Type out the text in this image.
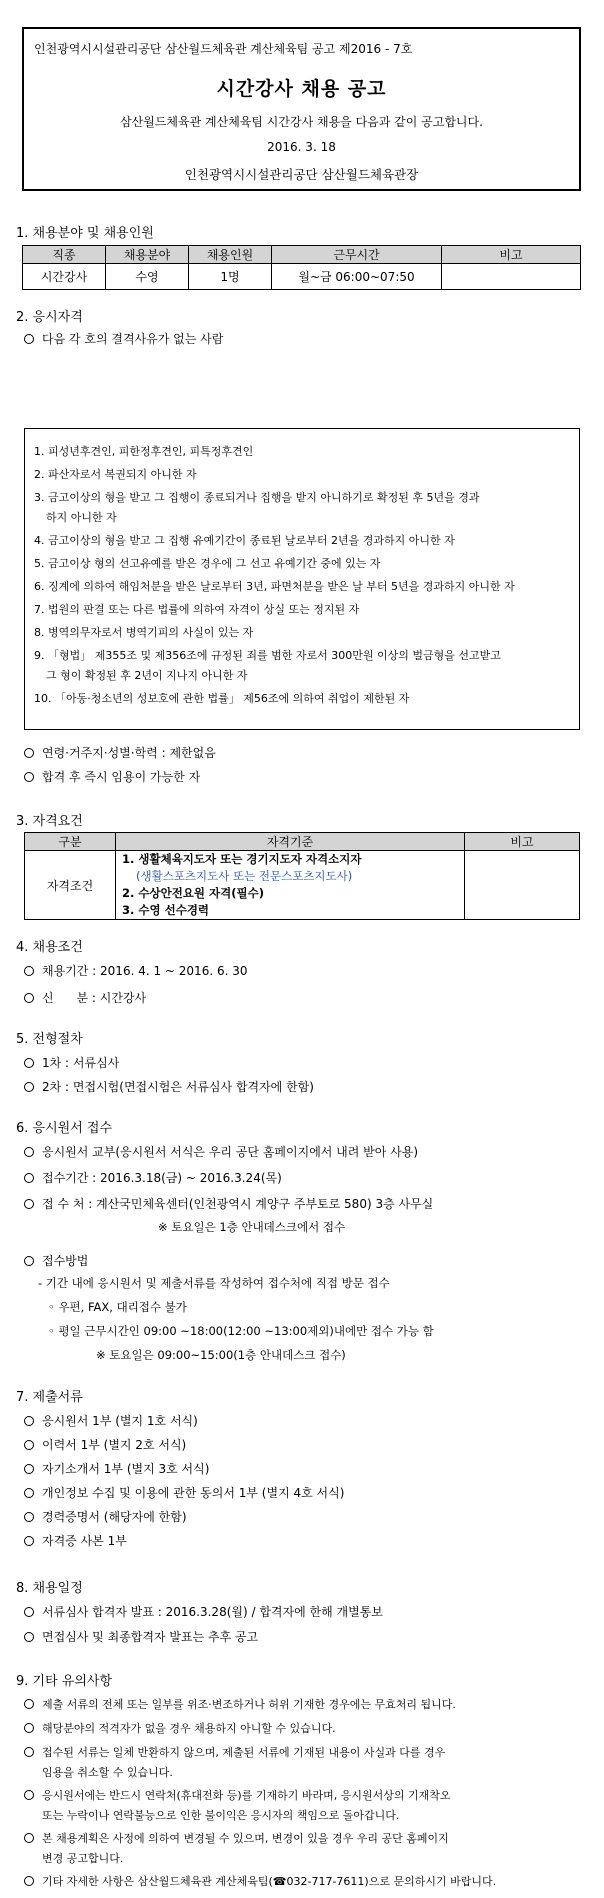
인천광역시시설관리공단 삼산월드체육관 계산체육팀 공고 제2016 - 7호
시간강사 채용 공고
삼산월드체육관 계산체육팀 시간강사 채용을 다음과 같이 공고합니다.
2016. 3. 18
인천광역시시설관리공단 삼산월드체육관장
1. 채용분야 및 채용인원
직종	채용분야	채용인원	근무시간	비고
시간강사	수영	1명	월~금 06:00~07:50	
2. 응시자격
다음 각 호의 결격사유가 없는 사람
1. 피성년후견인, 피한정후견인, 피특정후견인
2. 파산자로서 복권되지 아니한 자
3. 금고이상의 형을 받고 그 집행이 종료되거나 집행을 받지 아니하기로 확정된 후 5년을 경과
하지 아니한 자
4. 금고이상의 형을 받고 그 집행 유예기간이 종료된 날로부터 2년을 경과하지 아니한 자
5. 금고이상 형의 선고유예를 받은 경우에 그 선고 유예기간 중에 있는 자
6. 징계에 의하여 해임처분을 받은 날로부터 3년, 파면처분을 받은 날 부터 5년을 경과하지 아니한 자
7. 법원의 판결 또는 다른 법률에 의하여 자격이 상실 또는 정지된 자
8. 병역의무자로서 병역기피의 사실이 있는 자
9. 「형법」 제355조 및 제356조에 규정된 죄를 범한 자로서 300만원 이상의 벌금형을 선고받고
그 형이 확정된 후 2년이 지나지 아니한 자
10. 「아동·청소년의 성보호에 관한 법률」 제56조에 의하여 취업이 제한된 자
연령·거주지·성별·학력 : 제한없음
합격 후 즉시 임용이 가능한 자
3. 자격요건
구분	자격기준	비고
자격조건	1. 생활체육지도자 또는 경기지도자 자격소지자
(생활스포츠지도사 또는 전문스포츠지도사)
2. 수상안전요원 자격(필수)
3. 수영 선수경력	

4. 채용조건
채용기간 : 2016. 4. 1 ~ 2016. 6. 30
신      분 : 시간강사
5. 전형절차
1차 : 서류심사
2차 : 면접시험(면접시험은 서류심사 합격자에 한함)
6. 응시원서 접수
응시원서 교부(응시원서 서식은 우리 공단 홈페이지에서 내려 받아 사용)
접수기간 : 2016.3.18(금) ~ 2016.3.24(목)
접 수 처 : 계산국민체육센터(인천광역시 계양구 주부토로 580) 3층 사무실
※ 토요일은 1층 안내데스크에서 접수
접수방법
- 기간 내에 응시원서 및 제출서류를 작성하여 접수처에 직접 방문 접수
◦ 우편, FAX, 대리접수 불가
◦ 평일 근무시간인 09:00 ~18:00(12:00 ~13:00제외)내에만 접수 가능 함
※ 토요일은 09:00~15:00(1층 안내데스크 접수)
7. 제출서류
응시원서 1부 (별지 1호 서식)
이력서 1부 (별지 2호 서식)
자기소개서 1부 (별지 3호 서식)
개인정보 수집 및 이용에 관한 동의서 1부 (별지 4호 서식)
경력증명서 (해당자에 한함)
자격증 사본 1부
8. 채용일정
서류심사 합격자 발표 : 2016.3.28(월) / 합격자에 한해 개별통보
면접심사 및 최종합격자 발표는 추후 공고
9. 기타 유의사항
제출 서류의 전체 또는 일부를 위조·변조하거나 허위 기재한 경우에는 무효처리 됩니다.
해당분야의 적격자가 없을 경우 채용하지 아니할 수 있습니다.
접수된 서류는 일체 반환하지 않으며, 제출된 서류에 기재된 내용이 사실과 다를 경우
임용을 취소할 수 있습니다.
응시원서에는 반드시 연락처(휴대전화 등)를 기재하기 바라며, 응시원서상의 기재착오
또는 누락이나 연락불능으로 인한 불이익은 응시자의 책임으로 돌아갑니다.
본 채용계획은 사정에 의하여 변경될 수 있으며, 변경이 있을 경우 우리 공단 홈페이지
변경 공고합니다.
기타 자세한 사항은 삼산월드체육관 계산체육팀(☎032-717-7611)으로 문의하시기 바랍니다.
